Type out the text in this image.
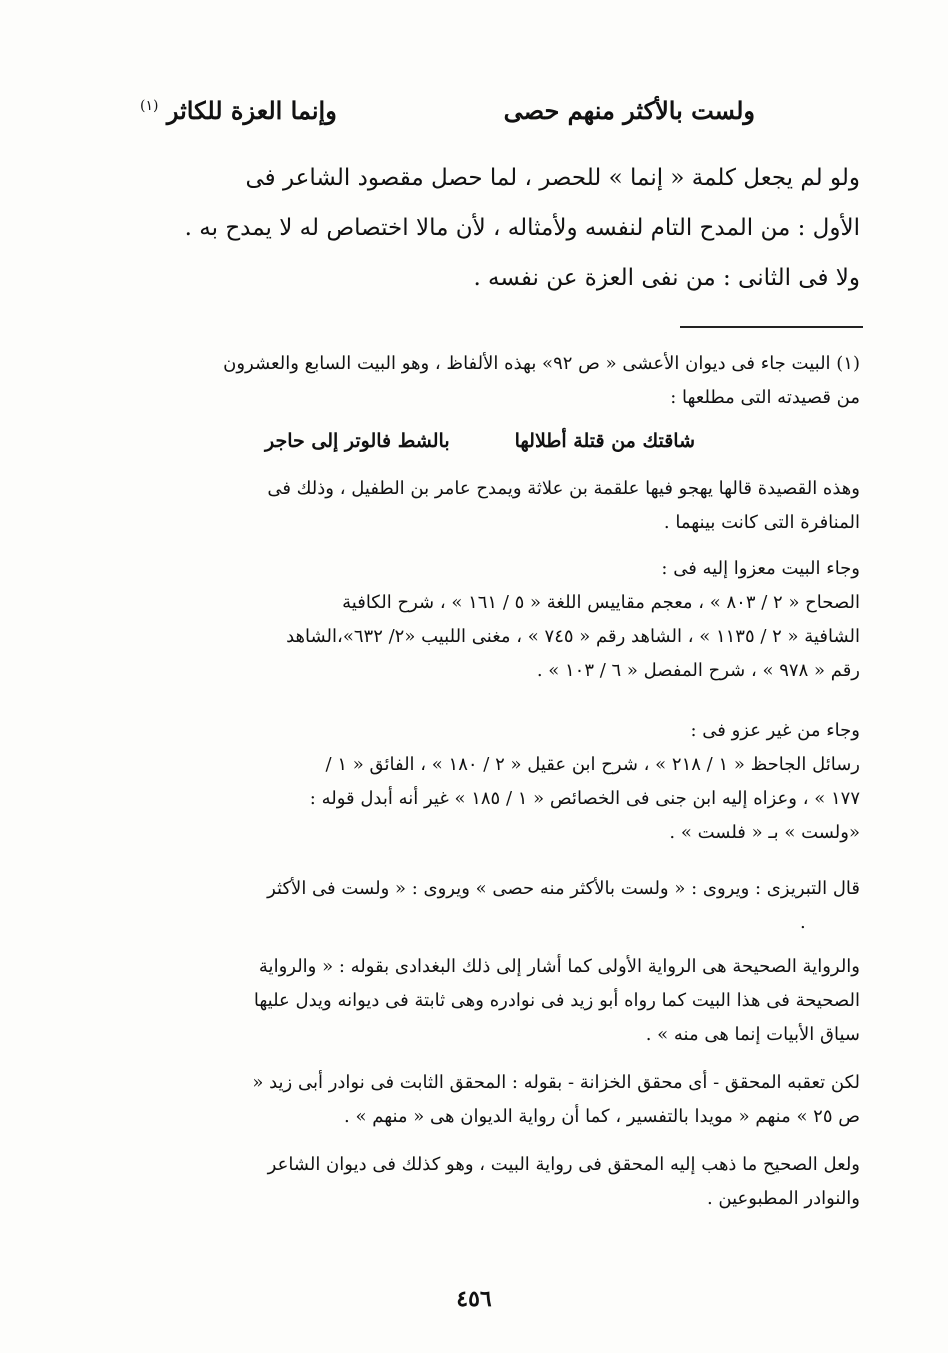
ولست بالأكثر منهم حصى
وإنما العزة للكاثر $^{(١)}$
ولو لم يجعل كلمة « إنما » للحصر ، لما حصل مقصود الشاعر فى
الأول : من المدح التام لنفسه ولأمثاله ، لأن مالا اختصاص له لا يمدح به .
ولا فى الثانى : من نفى العزة عن نفسه .
(١) البيت جاء فى ديوان الأعشى « ص ٩٢» بهذه الألفاظ ، وهو البيت السابع والعشرون
من قصيدته التى مطلعها :
شاقتك من قتلة أطلالها
بالشط فالوتر إلى حاجر
وهذه القصيدة قالها يهجو فيها علقمة بن علاثة ويمدح عامر بن الطفيل ، وذلك فى
المنافرة التى كانت بينهما .
وجاء البيت معزوا إليه فى :
الصحاح « ٢ / ٨٠٣ » ، معجم مقاييس اللغة « ٥ / ١٦١ » ، شرح الكافية
الشافية « ٢ / ١١٣٥ » ، الشاهد رقم « ٧٤٥ » ، مغنى اللبيب «٢/ ٦٣٢»،الشاهد
رقم « ٩٧٨ » ، شرح المفصل « ٦ / ١٠٣ » .
وجاء من غير عزو فى :
رسائل الجاحظ « ١ / ٢١٨ » ، شرح ابن عقيل « ٢ / ١٨٠ » ، الفائق « ١ /
١٧٧ » ، وعزاه إليه ابن جنى فى الخصائص « ١ / ١٨٥ » غير أنه أبدل قوله :
«ولست » بـ « فلست » .
قال التبريزى : ويروى : « ولست بالأكثر منه حصى » ويروى : « ولست فى الأكثر
.
والرواية الصحيحة هى الرواية الأولى كما أشار إلى ذلك البغدادى بقوله : « والرواية
الصحيحة فى هذا البيت كما رواه أبو زيد فى نوادره وهى ثابتة فى ديوانه ويدل عليها
سياق الأبيات إنما هى منه » .
لكن تعقبه المحقق - أى محقق الخزانة - بقوله : المحقق الثابت فى نوادر أبى زيد «
ص ٢٥ » منهم « مويدا بالتفسير ، كما أن رواية الديوان هى « منهم » .
ولعل الصحيح ما ذهب إليه المحقق فى رواية البيت ، وهو كذلك فى ديوان الشاعر
والنوادر المطبوعين .
٤٥٦
